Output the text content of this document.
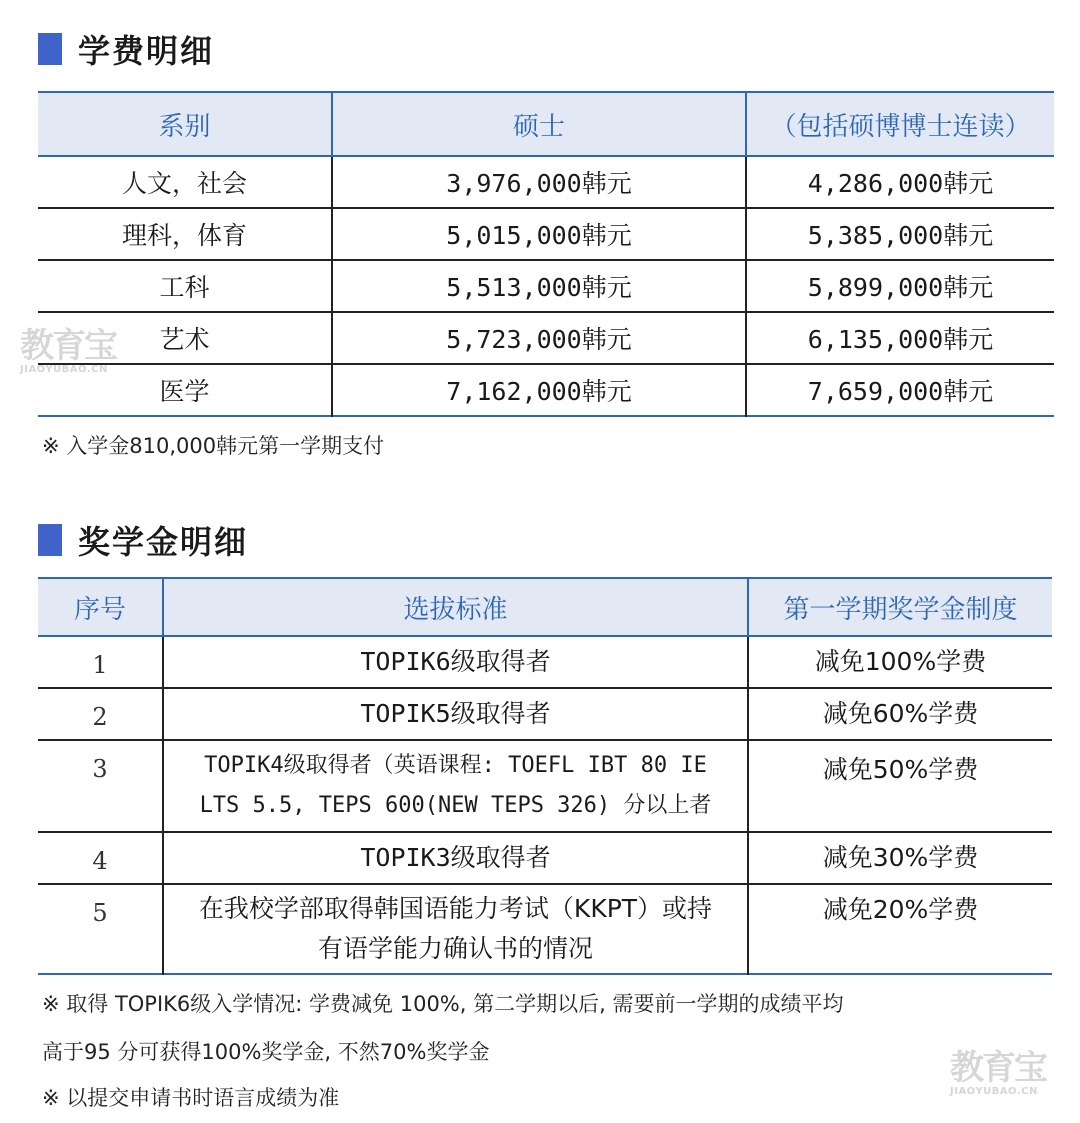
学费明细
系别	硕士	（包括硕博博士连读）
人文，社会	3,976,000韩元	4,286,000韩元
理科，体育	5,015,000韩元	5,385,000韩元
工科	5,513,000韩元	5,899,000韩元
艺术	5,723,000韩元	6,135,000韩元
医学	7,162,000韩元	7,659,000韩元
※ 入学金810,000韩元第一学期支付
奖学金明细
序号	选拔标准	第一学期奖学金制度
1	TOPIK6级取得者	减免100%学费
2	TOPIK5级取得者	减免60%学费
3	TOPIK4级取得者（英语课程: TOEFL IBT 80 IE
LTS 5.5, TEPS 600(NEW TEPS 326) 分以上者	减免50%学费
4	TOPIK3级取得者	减免30%学费
5	在我校学部取得韩国语能力考试（KKPT）或持
有语学能力确认书的情况	减免20%学费
※ 取得 TOPIK6级入学情况: 学费减免 100%, 第二学期以后, 需要前一学期的成绩平均
高于95 分可获得100%奖学金, 不然70%奖学金
※ 以提交申请书时语言成绩为准
教育宝
JIAOYUBAO.CN
教育宝
JIAOYUBAO.CN
